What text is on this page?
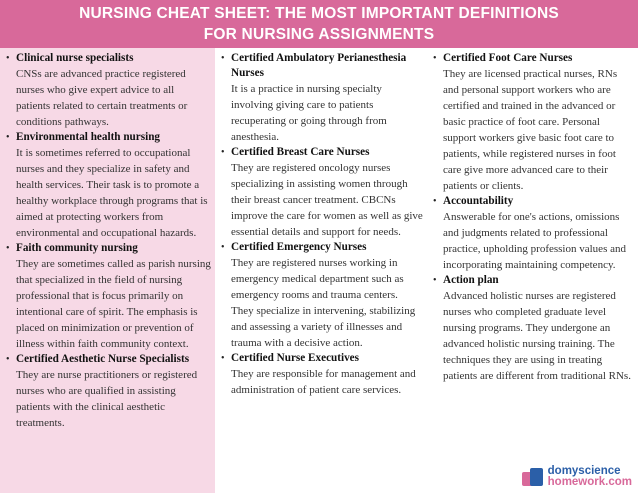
NURSING CHEAT SHEET: THE MOST IMPORTANT DEFINITIONS
FOR NURSING ASSIGNMENTS
• Clinical nurse specialists
CNSs are advanced practice registered nurses who give expert advice to all patients related to certain treatments or conditions pathways.
• Environmental health nursing
It is sometimes referred to occupational nurses and they specialize in safety and health services. Their task is to promote a healthy workplace through programs that is aimed at protecting workers from environmental and occupational hazards.
• Faith community nursing
They are sometimes called as parish nursing that specialized in the field of nursing professional that is focus primarily on intentional care of spirit. The emphasis is placed on minimization or prevention of illness within faith community context.
• Certified Aesthetic Nurse Specialists
They are nurse practitioners or registered nurses who are qualified in assisting patients with the clinical aesthetic treatments.
• Certified Ambulatory Perianesthesia Nurses
It is a practice in nursing specialty involving giving care to patients recuperating or going through from anesthesia.
• Certified Breast Care Nurses
They are registered oncology nurses specializing in assisting women through their breast cancer treatment. CBCNs improve the care for women as well as give essential details and support for needs.
• Certified Emergency Nurses
They are registered nurses working in emergency medical department such as emergency rooms and trauma centers. They specialize in intervening, stabilizing and assessing a variety of illnesses and trauma with a decisive action.
• Certified Nurse Executives
They are responsible for management and administration of patient care services.
• Certified Foot Care Nurses
They are licensed practical nurses, RNs and personal support workers who are certified and trained in the advanced or basic practice of foot care. Personal support workers give basic foot care to patients, while registered nurses in foot care give more advanced care to their patients or clients.
• Accountability
Answerable for one's actions, omissions and judgments related to professional practice, upholding profession values and incorporating maintaining competency.
• Action plan
Advanced holistic nurses are registered nurses who completed graduate level nursing programs. They undergone an advanced holistic nursing training. The techniques they are using in treating patients are different from traditional RNs.
domyscience
homework.com
